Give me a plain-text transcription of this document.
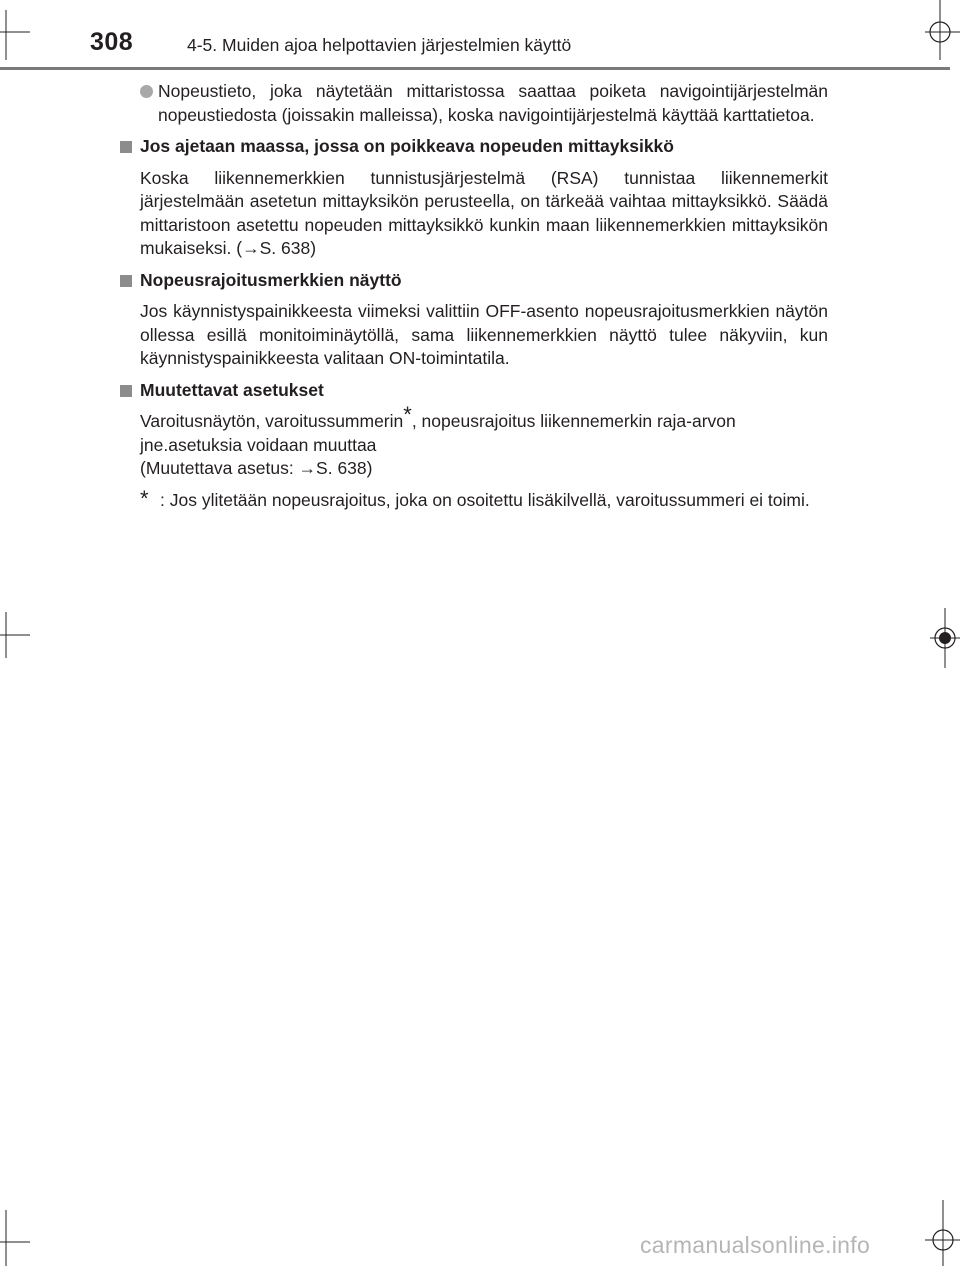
308	4-5. Muiden ajoa helpottavien järjestelmien käyttö

Nopeustieto, joka näytetään mittaristossa saattaa poiketa navigointijärjestelmän nopeustiedosta (joissakin malleissa), koska navigointijärjestelmä käyttää karttatietoa.

Jos ajetaan maassa, jossa on poikkeava nopeuden mittayksikkö

Koska liikennemerkkien tunnistusjärjestelmä (RSA) tunnistaa liikennemerkit järjestelmään asetetun mittayksikön perusteella, on tärkeää vaihtaa mittayksikkö. Säädä mittaristoon asetettu nopeuden mittayksikkö kunkin maan liikennemerkkien mittayksikön mukaiseksi. (→S. 638)

Nopeusrajoitusmerkkien näyttö

Jos käynnistyspainikkeesta viimeksi valittiin OFF-asento nopeusrajoitusmerkkien näytön ollessa esillä monitoiminäytöllä, sama liikennemerkkien näyttö tulee näkyviin, kun käynnistyspainikkeesta valitaan ON-toimintatila.

Muutettavat asetukset

Varoitusnäytön, varoitussummerin*, nopeusrajoitus liikennemerkin raja-arvon jne.asetuksia voidaan muuttaa

(Muutettava asetus: →S. 638)

* : Jos ylitetään nopeusrajoitus, joka on osoitettu lisäkilvellä, varoitussummeri ei toimi.

carmanualsonline.info
